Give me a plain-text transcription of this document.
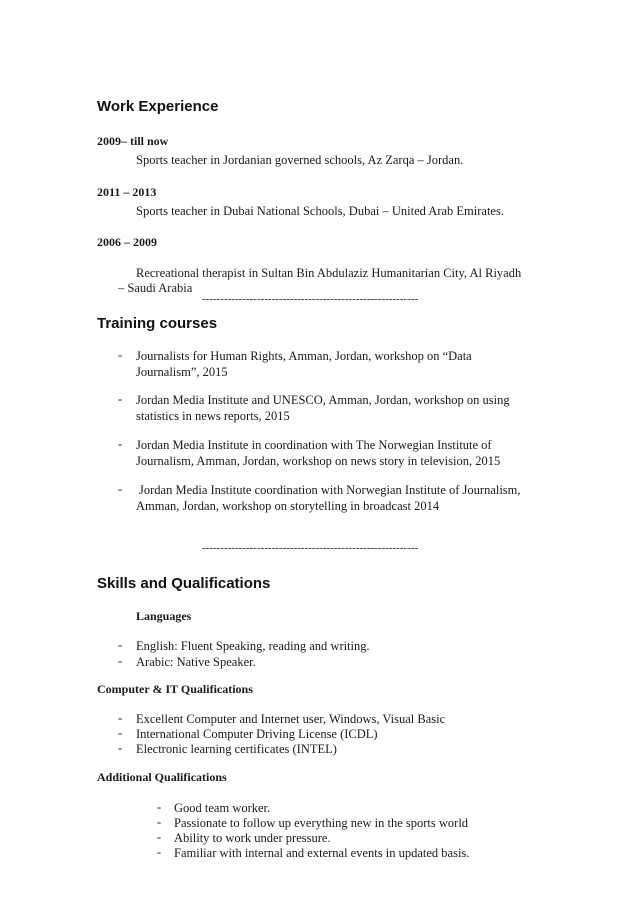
Work Experience
2009– till now
Sports teacher in Jordanian governed schools, Az Zarqa – Jordan.
2011 – 2013
Sports teacher in Dubai National Schools, Dubai – United Arab Emirates.
2006 – 2009
Recreational therapist in Sultan Bin Abdulaziz Humanitarian City, Al Riyadh
– Saudi Arabia
-----------------------------------------------------------
Training courses
- Journalists for Human Rights, Amman, Jordan, workshop on “Data
Journalism”, 2015
- Jordan Media Institute and UNESCO, Amman, Jordan, workshop on using
statistics in news reports, 2015
- Jordan Media Institute in coordination with The Norwegian Institute of
Journalism, Amman, Jordan, workshop on news story in television, 2015
- Jordan Media Institute coordination with Norwegian Institute of Journalism,
Amman, Jordan, workshop on storytelling in broadcast 2014
-----------------------------------------------------------
Skills and Qualifications
Languages
- English: Fluent Speaking, reading and writing.
- Arabic: Native Speaker.
Computer & IT Qualifications
- Excellent Computer and Internet user, Windows, Visual Basic
- International Computer Driving License (ICDL)
- Electronic learning certificates (INTEL)
Additional Qualifications
- Good team worker.
- Passionate to follow up everything new in the sports world
- Ability to work under pressure.
- Familiar with internal and external events in updated basis.
